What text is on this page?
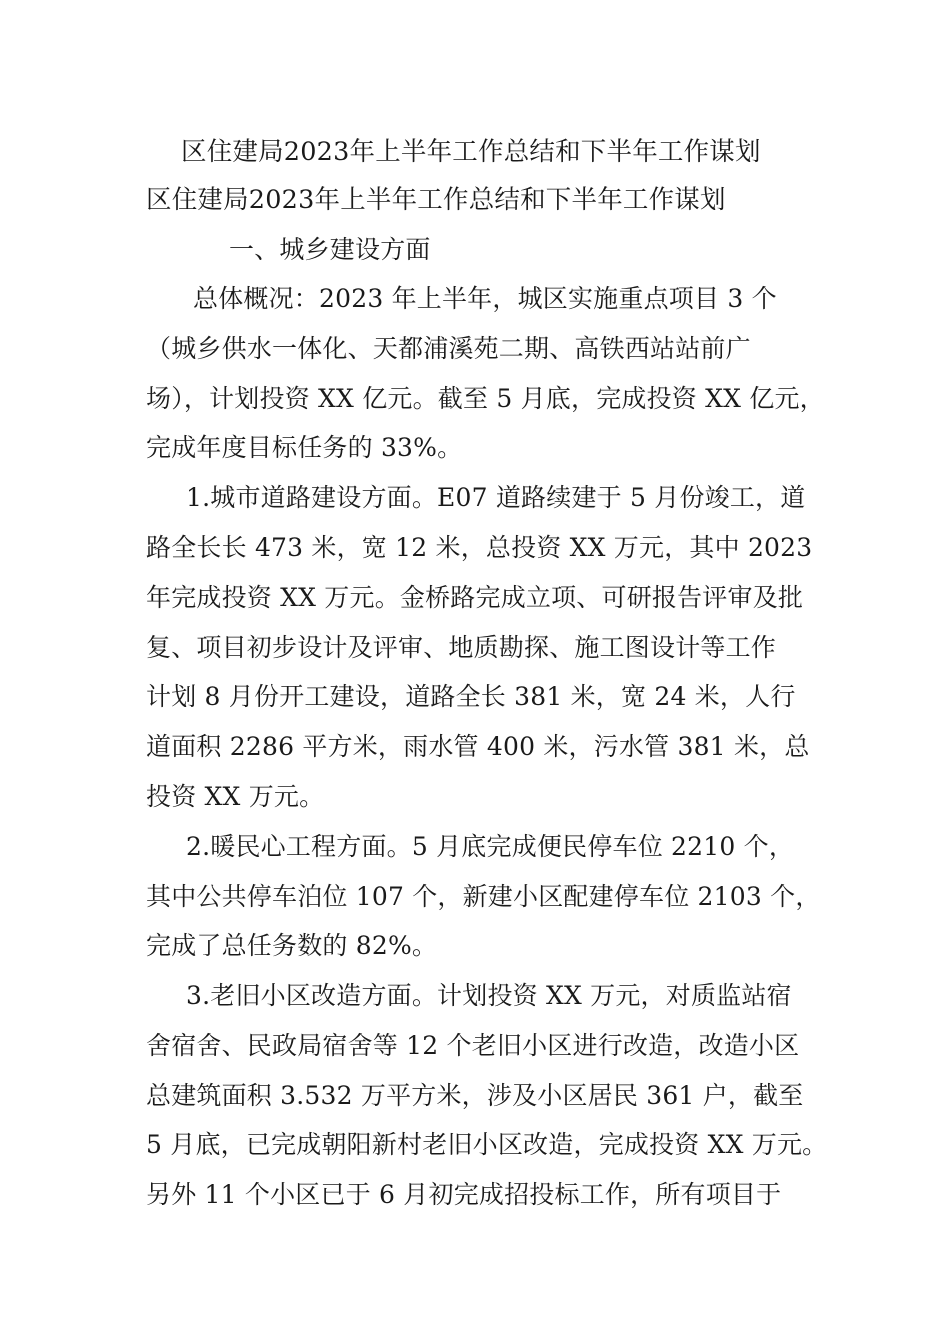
区住建局2023年上半年工作总结和下半年工作谋划
区住建局2023年上半年工作总结和下半年工作谋划
一、城乡建设方面
总体概况：2023 年上半年，城区实施重点项目 3 个
（城乡供水一体化、天都浦溪苑二期、高铁西站站前广
场），计划投资 XX 亿元。截至 5 月底，完成投资 XX 亿元，
完成年度目标任务的 33%。
1.城市道路建设方面。E07 道路续建于 5 月份竣工，道
路全长长 473 米，宽 12 米，总投资 XX 万元，其中 2023
年完成投资 XX 万元。金桥路完成立项、可研报告评审及批
复、项目初步设计及评审、地质勘探、施工图设计等工作
计划 8 月份开工建设，道路全长 381 米，宽 24 米，人行
道面积 2286 平方米，雨水管 400 米，污水管 381 米，总
投资 XX 万元。
2.暖民心工程方面。5 月底完成便民停车位 2210 个，
其中公共停车泊位 107 个，新建小区配建停车位 2103 个，
完成了总任务数的 82%。
3.老旧小区改造方面。计划投资 XX 万元，对质监站宿
舍宿舍、民政局宿舍等 12 个老旧小区进行改造，改造小区
总建筑面积 3.532 万平方米，涉及小区居民 361 户，截至
5 月底，已完成朝阳新村老旧小区改造，完成投资 XX 万元。
另外 11 个小区已于 6 月初完成招投标工作，所有项目于
